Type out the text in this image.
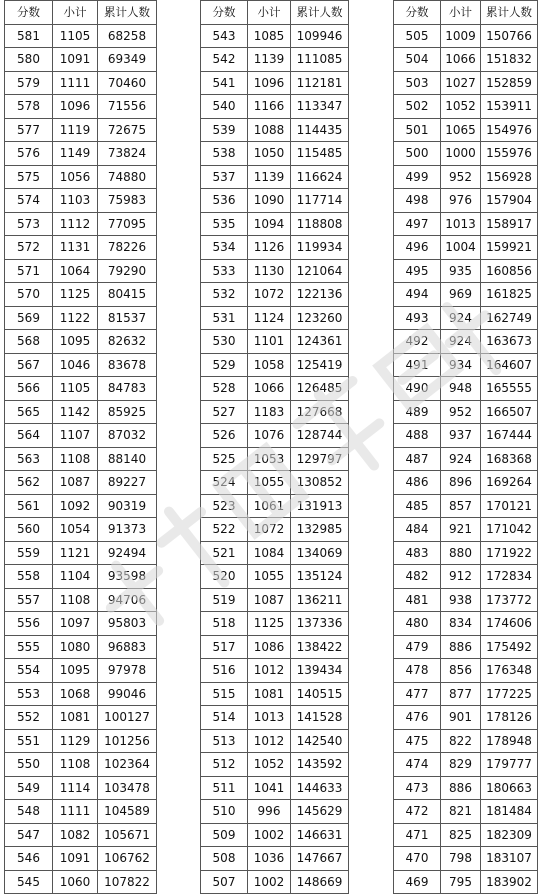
分数	小计	累计人数
581	1105	68258
580	1091	69349
579	1111	70460
578	1096	71556
577	1119	72675
576	1149	73824
575	1056	74880
574	1103	75983
573	1112	77095
572	1131	78226
571	1064	79290
570	1125	80415
569	1122	81537
568	1095	82632
567	1046	83678
566	1105	84783
565	1142	85925
564	1107	87032
563	1108	88140
562	1087	89227
561	1092	90319
560	1054	91373
559	1121	92494
558	1104	93598
557	1108	94706
556	1097	95803
555	1080	96883
554	1095	97978
553	1068	99046
552	1081	100127
551	1129	101256
550	1108	102364
549	1114	103478
548	1111	104589
547	1082	105671
546	1091	106762
545	1060	107822
分数	小计	累计人数
543	1085	109946
542	1139	111085
541	1096	112181
540	1166	113347
539	1088	114435
538	1050	115485
537	1139	116624
536	1090	117714
535	1094	118808
534	1126	119934
533	1130	121064
532	1072	122136
531	1124	123260
530	1101	124361
529	1058	125419
528	1066	126485
527	1183	127668
526	1076	128744
525	1053	129797
524	1055	130852
523	1061	131913
522	1072	132985
521	1084	134069
520	1055	135124
519	1087	136211
518	1125	137336
517	1086	138422
516	1012	139434
515	1081	140515
514	1013	141528
513	1012	142540
512	1052	143592
511	1041	144633
510	996	145629
509	1002	146631
508	1036	147667
507	1002	148669
分数	小计	累计人数
505	1009	150766
504	1066	151832
503	1027	152859
502	1052	153911
501	1065	154976
500	1000	155976
499	952	156928
498	976	157904
497	1013	158917
496	1004	159921
495	935	160856
494	969	161825
493	924	162749
492	924	163673
491	934	164607
490	948	165555
489	952	166507
488	937	167444
487	924	168368
486	896	169264
485	857	170121
484	921	171042
483	880	171922
482	912	172834
481	938	173772
480	834	174606
479	886	175492
478	856	176348
477	877	177225
476	901	178126
475	822	178948
474	829	179777
473	886	180663
472	821	181484
471	825	182309
470	798	183107
469	795	183902
